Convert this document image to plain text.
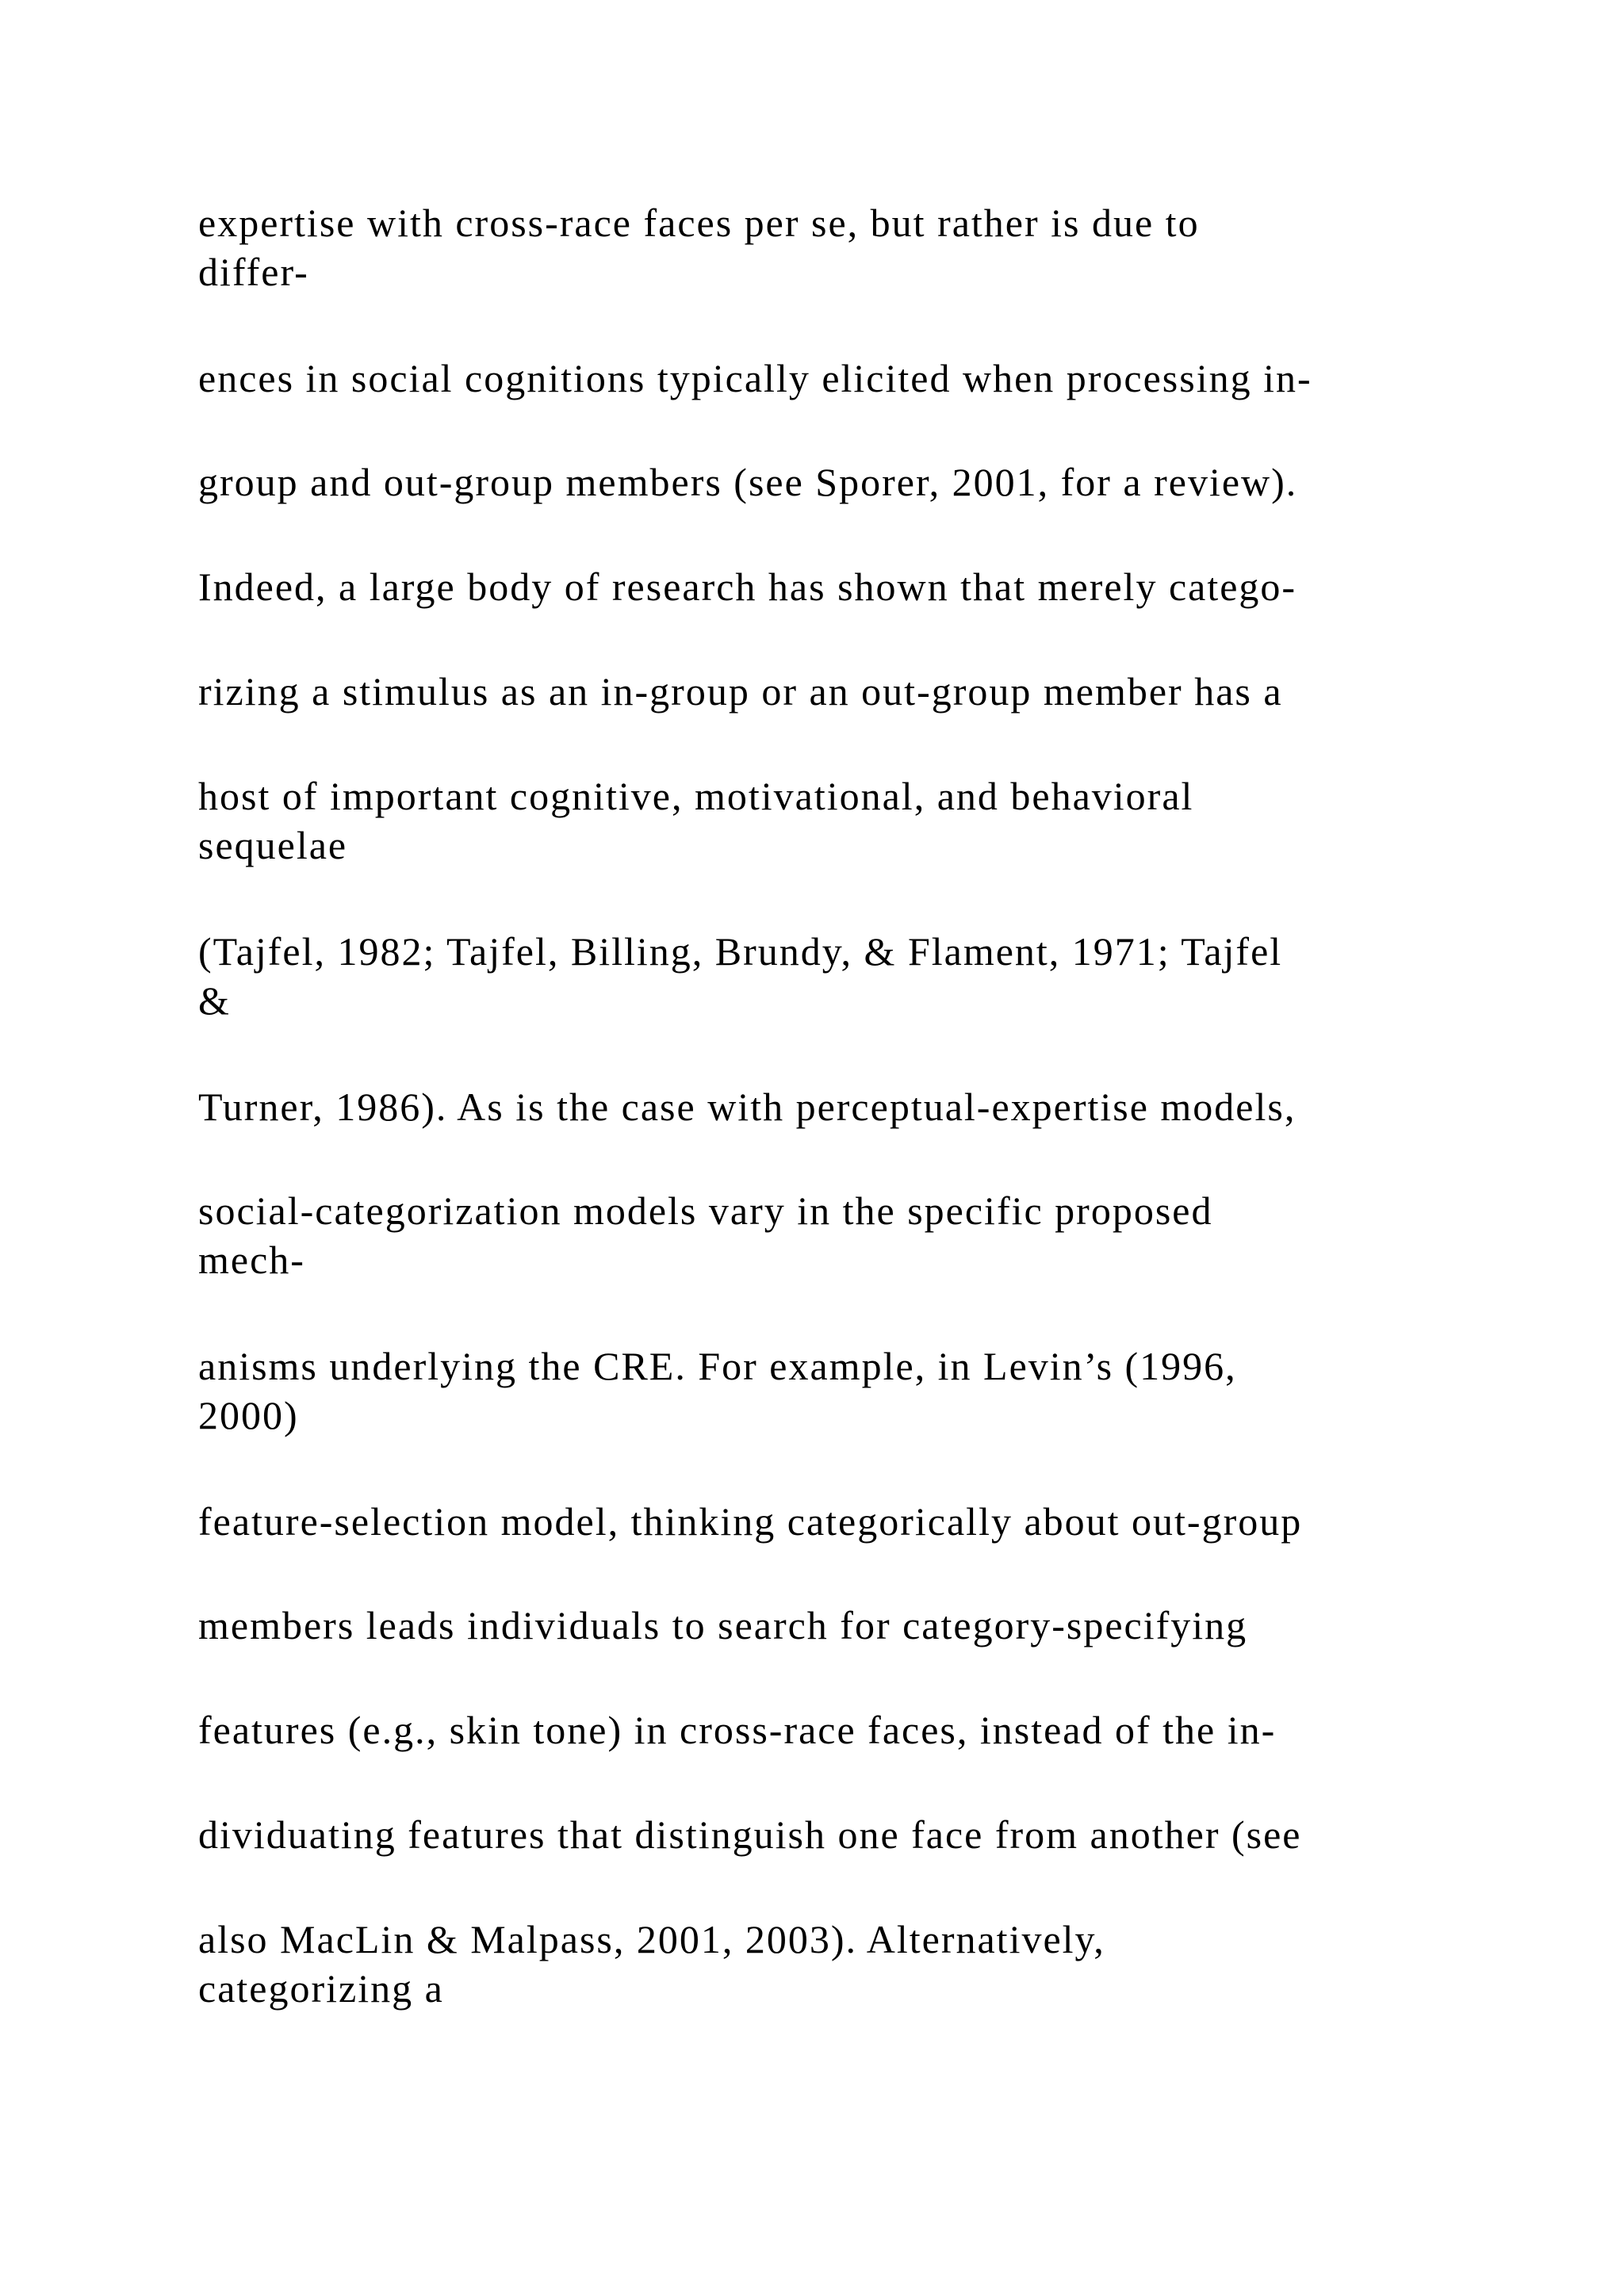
expertise with cross-race faces per se, but rather is due to

differ-

ences in social cognitions typically elicited when processing in-

group and out-group members (see Sporer, 2001, for a review).

Indeed, a large body of research has shown that merely catego-

rizing a stimulus as an in-group or an out-group member has a

host of important cognitive, motivational, and behavioral

sequelae

(Tajfel, 1982; Tajfel, Billing, Brundy, & Flament, 1971; Tajfel

&

Turner, 1986). As is the case with perceptual-expertise models,

social-categorization models vary in the specific proposed

mech-

anisms underlying the CRE. For example, in Levin’s (1996,

2000)

feature-selection model, thinking categorically about out-group

members leads individuals to search for category-specifying

features (e.g., skin tone) in cross-race faces, instead of the in-

dividuating features that distinguish one face from another (see

also MacLin & Malpass, 2001, 2003). Alternatively,

categorizing a
